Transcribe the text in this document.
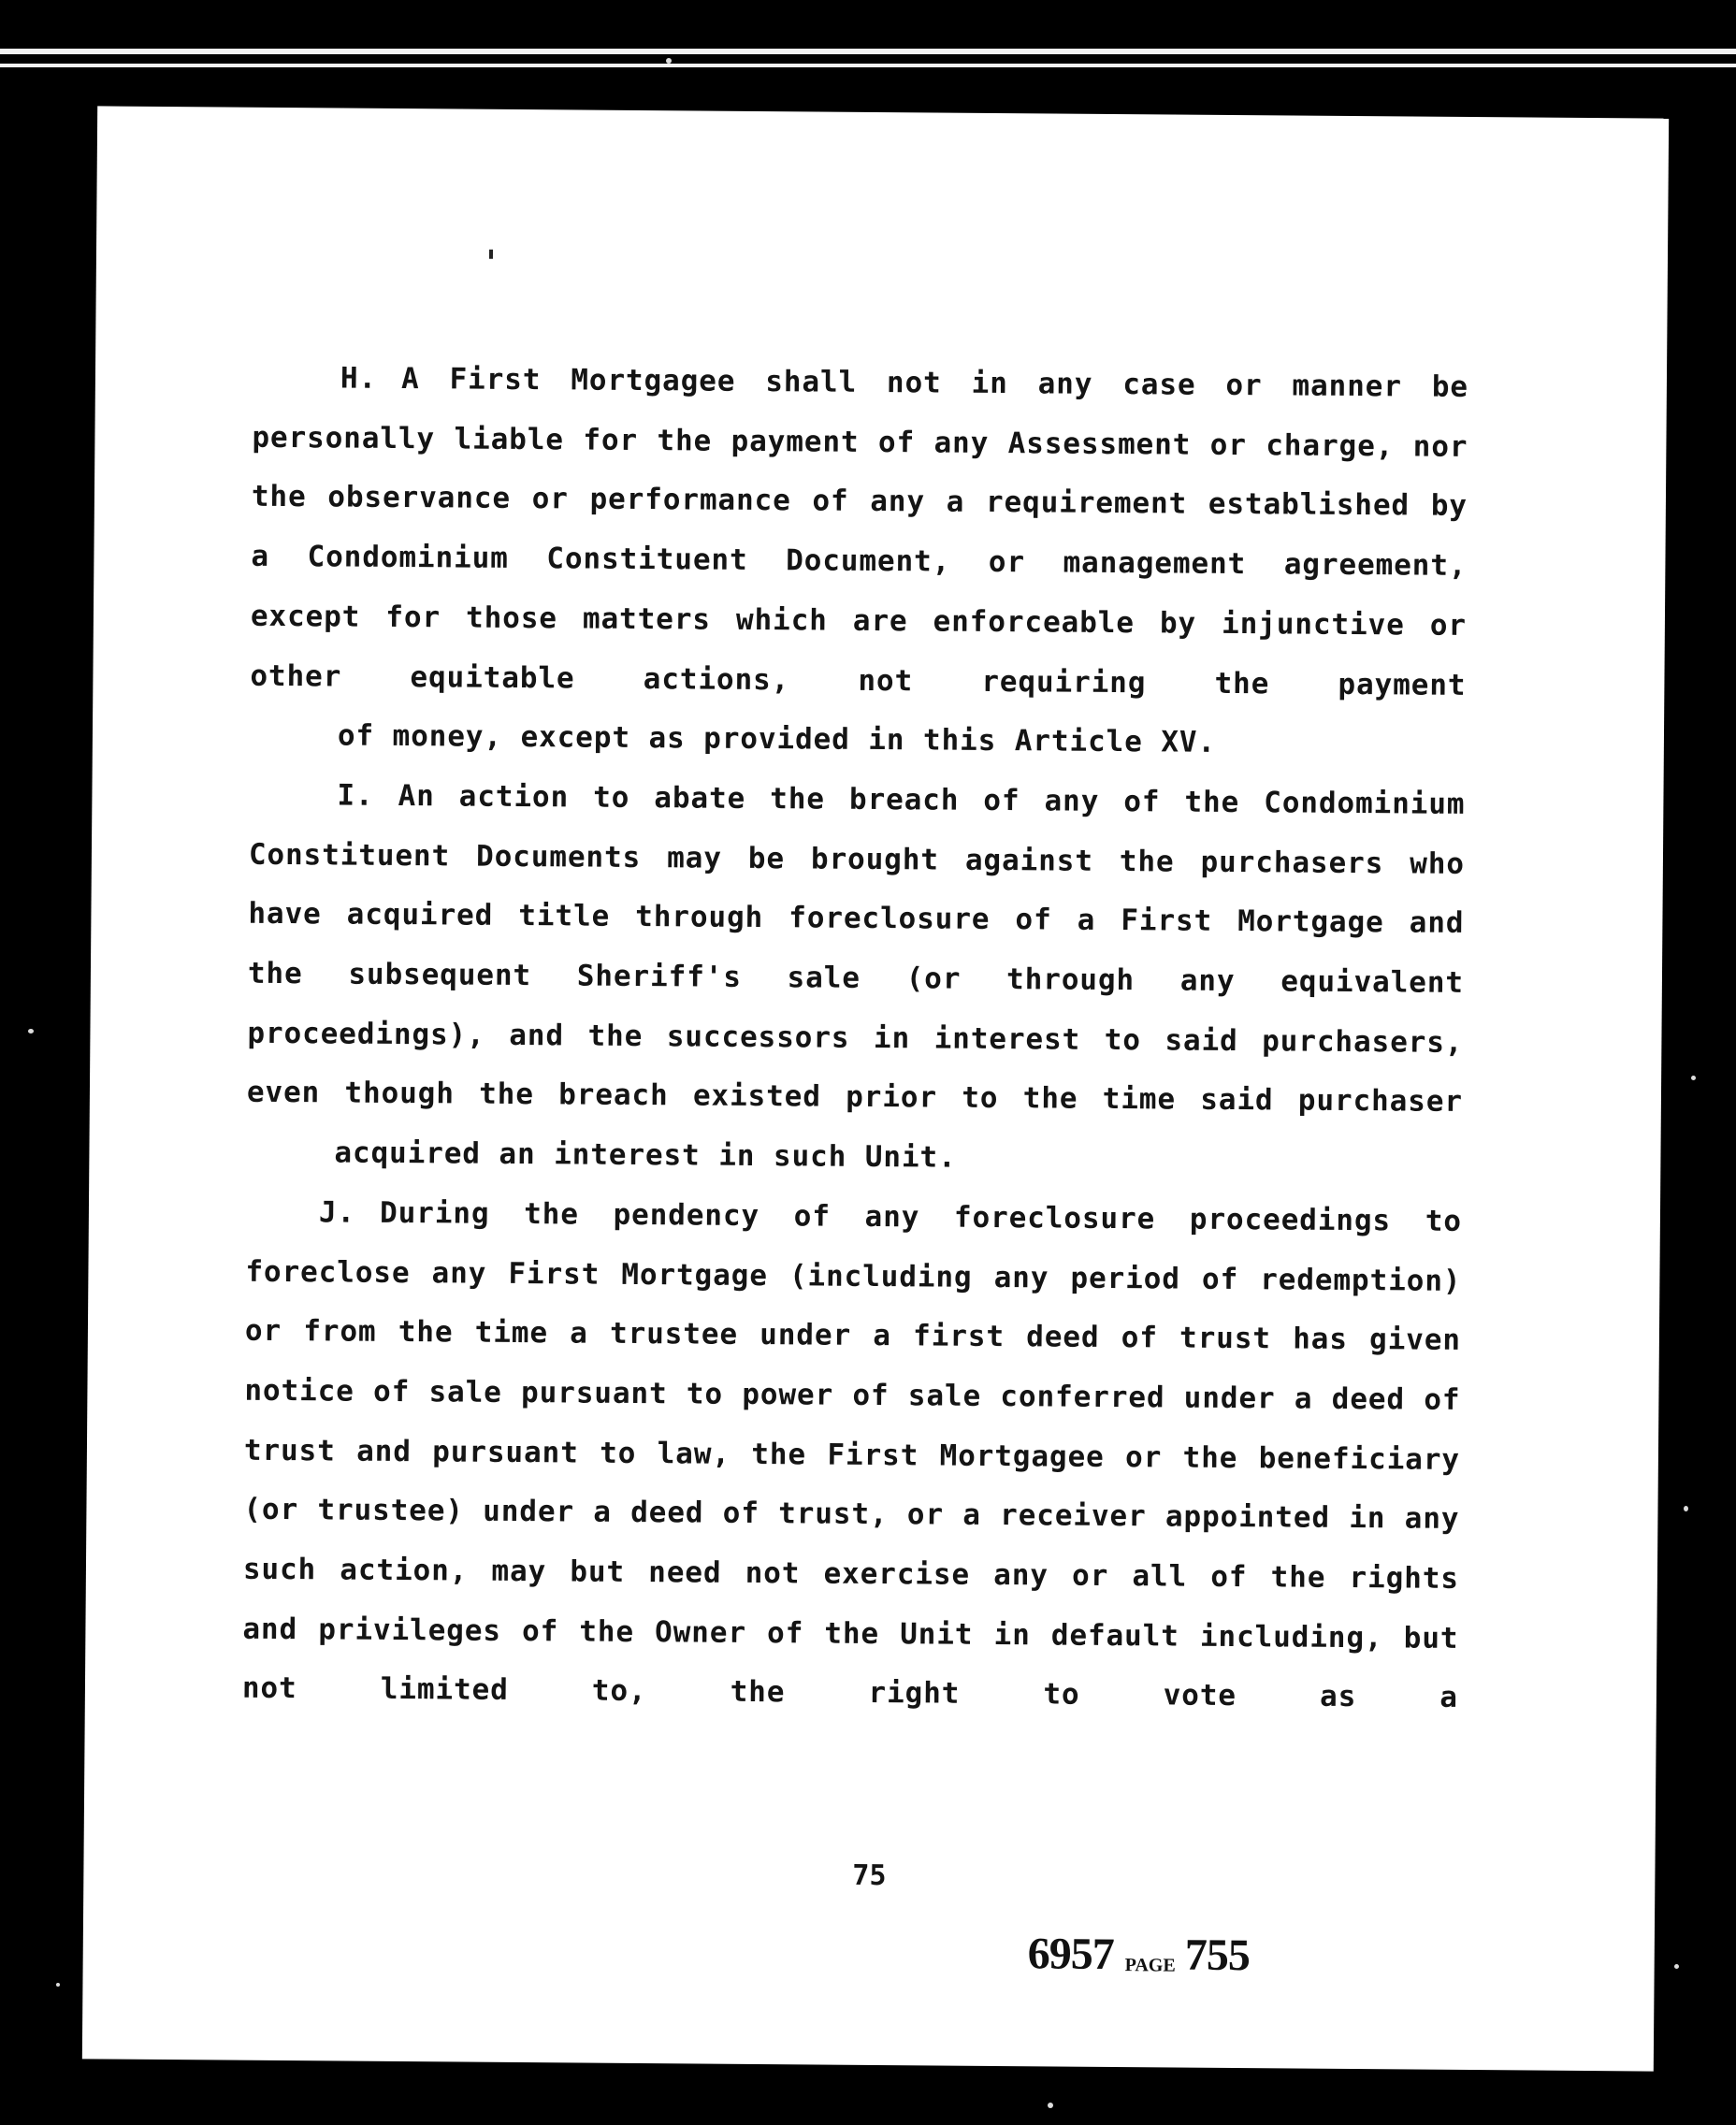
H. A First Mortgagee shall not in any case or manner be personally liable for the payment of any Assessment or charge, nor the observance or performance of any a requirement established by a Condominium Constituent Document, or management agreement, except for those matters which are enforceable by injunctive or other equitable actions, not requiring the payment
of money, except as provided in this Article XV.

I. An action to abate the breach of any of the Condominium Constituent Documents may be brought against the purchasers who have acquired title through foreclosure of a First Mortgage and the subsequent Sheriff's sale (or through any equivalent proceedings), and the successors in interest to said purchasers, even though the breach existed prior to the time said purchaser
acquired an interest in such Unit.

J. During the pendency of any foreclosure proceedings to foreclose any First Mortgage (including any period of redemption) or from the time a trustee under a first deed of trust has given notice of sale pursuant to power of sale conferred under a deed of trust and pursuant to law, the First Mortgagee or the beneficiary (or trustee) under a deed of trust, or a receiver appointed in any such action, may but need not exercise any or all of the rights and privileges of the Owner of the Unit in default including, but not limited to, the right to vote as a

75
6957 PAGE 755
